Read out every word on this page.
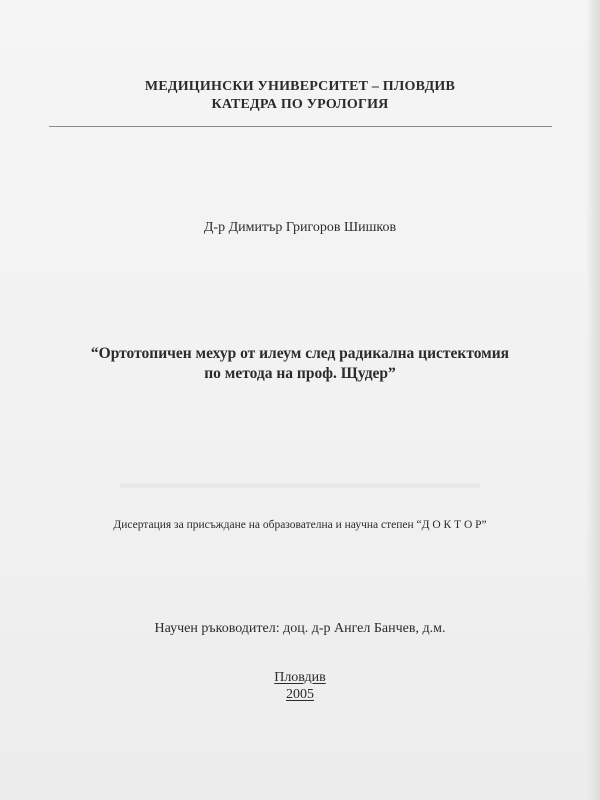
МЕДИЦИНСКИ УНИВЕРСИТЕТ – ПЛОВДИВ
КАТЕДРА ПО УРОЛОГИЯ
Д-р Димитър Григоров Шишков
“Ортотопичен мехур от илеум след радикална цистектомия
по метода на проф. Щудер”
▬▬▬▬▬▬▬▬▬▬▬▬▬▬▬▬▬▬▬▬▬▬▬▬
Дисертация за присъждане на образователна и научна степен “Д О К Т О Р”
Научен ръководител: доц. д-р Ангел Банчев, д.м.
Пловдив
2005
